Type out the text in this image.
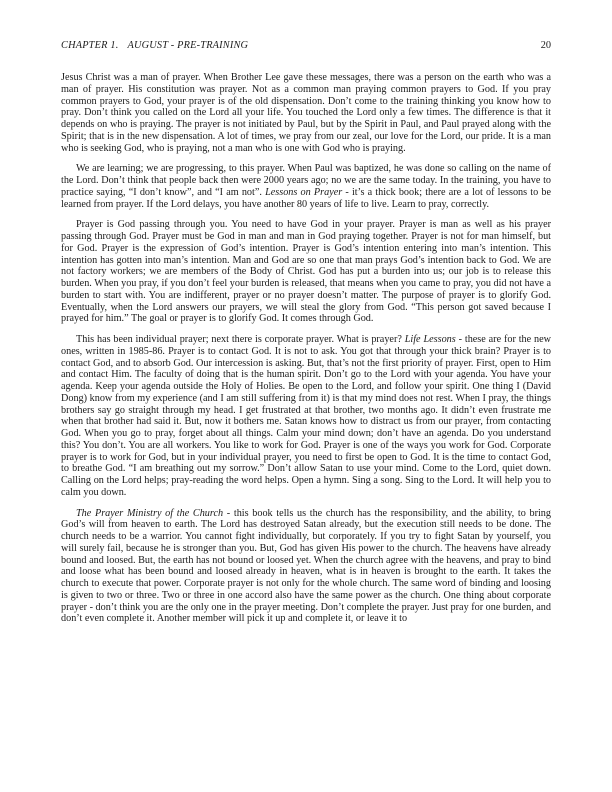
CHAPTER 1. AUGUST - PRE-TRAINING	20

Jesus Christ was a man of prayer. When Brother Lee gave these messages, there was a person on the earth who was a man of prayer. His constitution was prayer. Not as a common man praying common prayers to God. If you pray common prayers to God, your prayer is of the old dispensation. Don’t come to the training thinking you know how to pray. Don’t think you called on the Lord all your life. You touched the Lord only a few times. The difference is that it depends on who is praying. The prayer is not initiated by Paul, but by the Spirit in Paul, and Paul prayed along with the Spirit; that is in the new dispensation. A lot of times, we pray from our zeal, our love for the Lord, our pride. It is a man who is seeking God, who is praying, not a man who is one with God who is praying.

We are learning; we are progressing, to this prayer. When Paul was baptized, he was done so calling on the name of the Lord. Don’t think that people back then were 2000 years ago; no we are the same today. In the training, you have to practice saying, “I don’t know”, and “I am not”. Lessons on Prayer - it’s a thick book; there are a lot of lessons to be learned from prayer. If the Lord delays, you have another 80 years of life to live. Learn to pray, correctly.

Prayer is God passing through you. You need to have God in your prayer. Prayer is man as well as his prayer passing through God. Prayer must be God in man and man in God praying together. Prayer is not for man himself, but for God. Prayer is the expression of God’s intention. Prayer is God’s intention entering into man’s intention. This intention has gotten into man’s intention. Man and God are so one that man prays God’s intention back to God. We are not factory workers; we are members of the Body of Christ. God has put a burden into us; our job is to release this burden. When you pray, if you don’t feel your burden is released, that means when you came to pray, you did not have a burden to start with. You are indifferent, prayer or no prayer doesn’t matter. The purpose of prayer is to glorify God. Eventually, when the Lord answers our prayers, we will steal the glory from God. “This person got saved because I prayed for him.” The goal or prayer is to glorify God. It comes through God.

This has been individual prayer; next there is corporate prayer. What is prayer? Life Lessons - these are for the new ones, written in 1985-86. Prayer is to contact God. It is not to ask. You got that through your thick brain? Prayer is to contact God, and to absorb God. Our intercession is asking. But, that’s not the first priority of prayer. First, open to Him and contact Him. The faculty of doing that is the human spirit. Don’t go to the Lord with your agenda. You have your agenda. Keep your agenda outside the Holy of Holies. Be open to the Lord, and follow your spirit. One thing I (David Dong) know from my experience (and I am still suffering from it) is that my mind does not rest. When I pray, the things brothers say go straight through my head. I get frustrated at that brother, two months ago. It didn’t even frustrate me when that brother had said it. But, now it bothers me. Satan knows how to distract us from our prayer, from contacting God. When you go to pray, forget about all things. Calm your mind down; don’t have an agenda. Do you understand this? You don’t. You are all workers. You like to work for God. Prayer is one of the ways you work for God. Corporate prayer is to work for God, but in your individual prayer, you need to first be open to God. It is the time to contact God, to breathe God. “I am breathing out my sorrow.” Don’t allow Satan to use your mind. Come to the Lord, quiet down. Calling on the Lord helps; pray-reading the word helps. Open a hymn. Sing a song. Sing to the Lord. It will help you to calm you down.

The Prayer Ministry of the Church - this book tells us the church has the responsibility, and the ability, to bring God’s will from heaven to earth. The Lord has destroyed Satan already, but the execution still needs to be done. The church needs to be a warrior. You cannot fight individually, but corporately. If you try to fight Satan by yourself, you will surely fail, because he is stronger than you. But, God has given His power to the church. The heavens have already bound and loosed. But, the earth has not bound or loosed yet. When the church agree with the heavens, and pray to bind and loose what has been bound and loosed already in heaven, what is in heaven is brought to the earth. It takes the church to execute that power. Corporate prayer is not only for the whole church. The same word of binding and loosing is given to two or three. Two or three in one accord also have the same power as the church. One thing about corporate prayer - don’t think you are the only one in the prayer meeting. Don’t complete the prayer. Just pray for one burden, and don’t even complete it. Another member will pick it up and complete it, or leave it to
